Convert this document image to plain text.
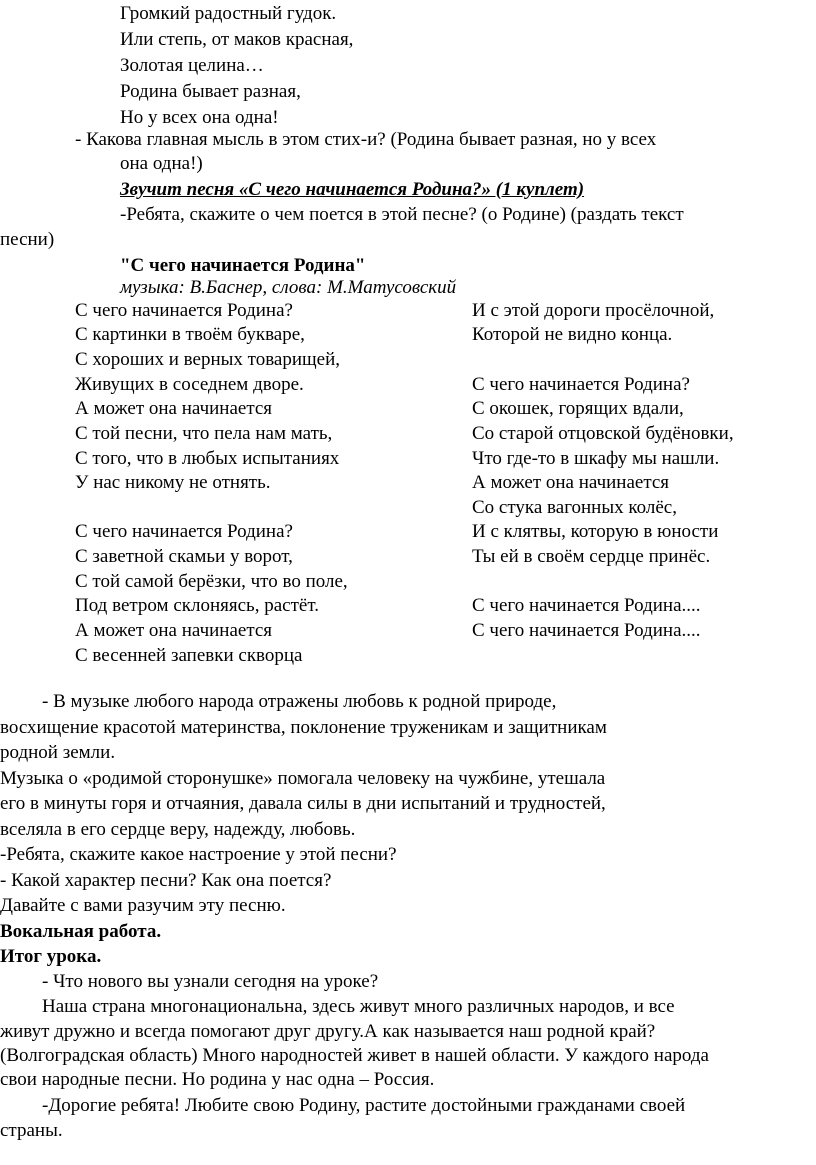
Громкий радостный гудок.
Или степь, от маков красная,
Золотая целина…
Родина бывает разная,
Но у всех она одна!
- Какова главная мысль в этом стих-и? (Родина бывает разная, но у всех
она одна!)
Звучит песня «С чего начинается Родина?» (1 куплет)
-Ребята, скажите о чем поется в этой песне? (о Родине) (раздать текст
песни)
"С чего начинается Родина"
музыка: В.Баснер, слова: М.Матусовский
С чего начинается Родина?
С картинки в твоём букваре,
С хороших и верных товарищей,
Живущих в соседнем дворе.
А может она начинается
С той песни, что пела нам мать,
С того, что в любых испытаниях
У нас никому не отнять.
С чего начинается Родина?
С заветной скамьи у ворот,
С той самой берёзки, что во поле,
Под ветром склоняясь, растёт.
А может она начинается
С весенней запевки скворца
И с этой дороги просёлочной,
Которой не видно конца.
С чего начинается Родина?
С окошек, горящих вдали,
Со старой отцовской будёновки,
Что где-то в шкафу мы нашли.
А может она начинается
Со стука вагонных колёс,
И с клятвы, которую в юности
Ты ей в своём сердце принёс.
С чего начинается Родина....
С чего начинается Родина....
- В музыке любого народа отражены любовь к родной природе,
восхищение красотой материнства, поклонение труженикам и защитникам
родной земли.
Музыка о «родимой сторонушке» помогала человеку на чужбине, утешала
его в минуты горя и отчаяния, давала силы в дни испытаний и трудностей,
вселяла в его сердце веру, надежду, любовь.
-Ребята, скажите какое настроение у этой песни?
- Какой характер песни? Как она поется?
Давайте с вами разучим эту песню.
Вокальная работа.
Итог урока.
- Что нового вы узнали сегодня на уроке?
Наша страна многонациональна, здесь живут много различных народов, и все
живут дружно и всегда помогают друг другу.А как называется наш родной край?
(Волгоградская область) Много народностей живет в нашей области. У каждого народа
свои народные песни. Но родина у нас одна – Россия.
-Дорогие ребята! Любите свою Родину, растите достойными гражданами своей
страны.
